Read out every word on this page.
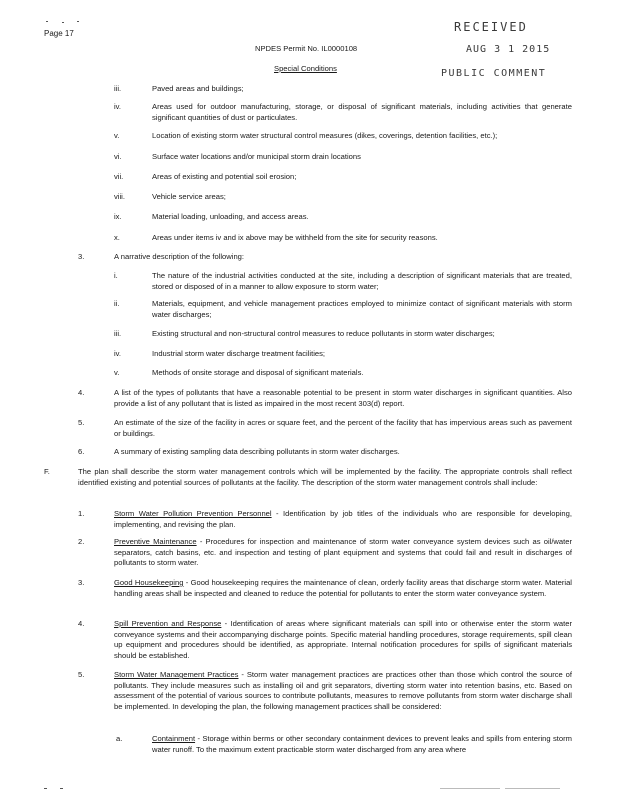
Page 17
NPDES Permit No. IL0000108
Special Conditions
RECEIVED
AUG 3 1 2015
PUBLIC COMMENT
iii.	Paved areas and buildings;
iv.	Areas used for outdoor manufacturing, storage, or disposal of significant materials, including activities that generate significant quantities of dust or particulates.
v.	Location of existing storm water structural control measures (dikes, coverings, detention facilities, etc.);
vi.	Surface water locations and/or municipal storm drain locations
vii.	Areas of existing and potential soil erosion;
viii.	Vehicle service areas;
ix.	Material loading, unloading, and access areas.
x.	Areas under items iv and ix above may be withheld from the site for security reasons.
3.	A narrative description of the following:
i.	The nature of the industrial activities conducted at the site, including a description of significant materials that are treated, stored or disposed of in a manner to allow exposure to storm water;
ii.	Materials, equipment, and vehicle management practices employed to minimize contact of significant materials with storm water discharges;
iii.	Existing structural and non-structural control measures to reduce pollutants in storm water discharges;
iv.	Industrial storm water discharge treatment facilities;
v.	Methods of onsite storage and disposal of significant materials.
4.	A list of the types of pollutants that have a reasonable potential to be present in storm water discharges in significant quantities. Also provide a list of any pollutant that is listed as impaired in the most recent 303(d) report.
5.	An estimate of the size of the facility in acres or square feet, and the percent of the facility that has impervious areas such as pavement or buildings.
6.	A summary of existing sampling data describing pollutants in storm water discharges.
F.	The plan shall describe the storm water management controls which will be implemented by the facility. The appropriate controls shall reflect identified existing and potential sources of pollutants at the facility. The description of the storm water management controls shall include:
1.	Storm Water Pollution Prevention Personnel - Identification by job titles of the individuals who are responsible for developing, implementing, and revising the plan.
2.	Preventive Maintenance - Procedures for inspection and maintenance of storm water conveyance system devices such as oil/water separators, catch basins, etc. and inspection and testing of plant equipment and systems that could fail and result in discharges of pollutants to storm water.
3.	Good Housekeeping - Good housekeeping requires the maintenance of clean, orderly facility areas that discharge storm water. Material handling areas shall be inspected and cleaned to reduce the potential for pollutants to enter the storm water conveyance system.
4.	Spill Prevention and Response - Identification of areas where significant materials can spill into or otherwise enter the storm water conveyance systems and their accompanying discharge points. Specific material handling procedures, storage requirements, spill clean up equipment and procedures should be identified, as appropriate. Internal notification procedures for spills of significant materials should be established.
5.	Storm Water Management Practices - Storm water management practices are practices other than those which control the source of pollutants. They include measures such as installing oil and grit separators, diverting storm water into retention basins, etc. Based on assessment of the potential of various sources to contribute pollutants, measures to remove pollutants from storm water discharge shall be implemented. In developing the plan, the following management practices shall be considered:
a.	Containment - Storage within berms or other secondary containment devices to prevent leaks and spills from entering storm water runoff. To the maximum extent practicable storm water discharged from any area where
